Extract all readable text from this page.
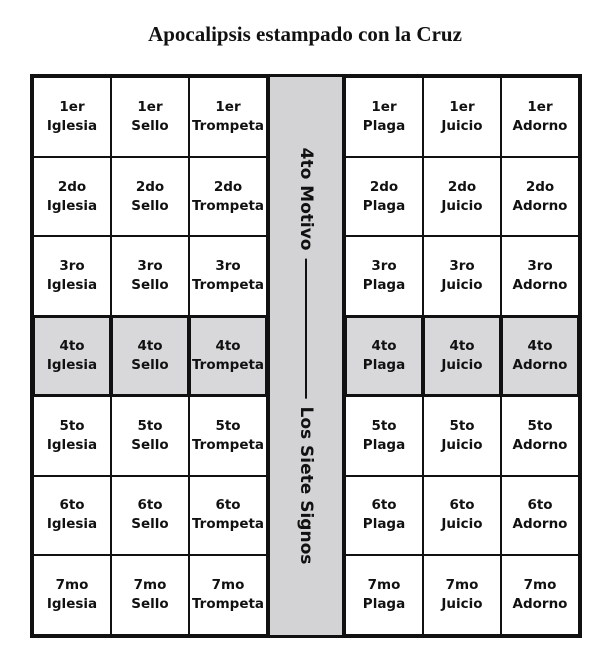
Apocalipsis estampado con la Cruz
1er
Iglesia
1er
Sello
1er
Trompeta
2do
Iglesia
2do
Sello
2do
Trompeta
3ro
Iglesia
3ro
Sello
3ro
Trompeta
4to
Iglesia
4to
Sello
4to
Trompeta
5to
Iglesia
5to
Sello
5to
Trompeta
6to
Iglesia
6to
Sello
6to
Trompeta
7mo
Iglesia
7mo
Sello
7mo
Trompeta
4to Motivo
Los Siete Signos
1er
Plaga
1er
Juicio
1er
Adorno
2do
Plaga
2do
Juicio
2do
Adorno
3ro
Plaga
3ro
Juicio
3ro
Adorno
4to
Plaga
4to
Juicio
4to
Adorno
5to
Plaga
5to
Juicio
5to
Adorno
6to
Plaga
6to
Juicio
6to
Adorno
7mo
Plaga
7mo
Juicio
7mo
Adorno
